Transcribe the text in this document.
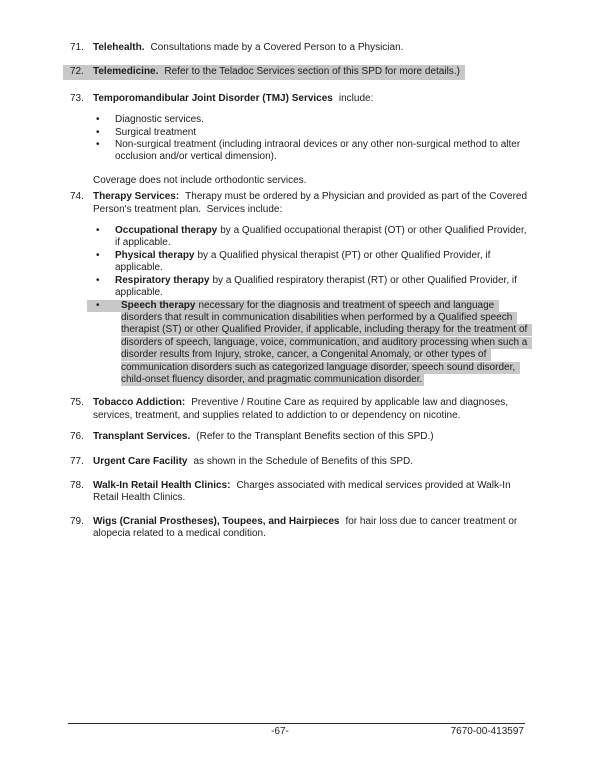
71. Telehealth. Consultations made by a Covered Person to a Physician.
72. Telemedicine. Refer to the Teladoc Services section of this SPD for more details.)
73. Temporomandibular Joint Disorder (TMJ) Services include:
•	Diagnostic services.
•	Surgical treatment
•	Non-surgical treatment (including intraoral devices or any other non-surgical method to alter occlusion and/or vertical dimension).
Coverage does not include orthodontic services.
74. Therapy Services: Therapy must be ordered by a Physician and provided as part of the Covered Person's treatment plan.  Services include:
•	Occupational therapy by a Qualified occupational therapist (OT) or other Qualified Provider, if applicable.
•	Physical therapy by a Qualified physical therapist (PT) or other Qualified Provider, if applicable.
•	Respiratory therapy by a Qualified respiratory therapist (RT) or other Qualified Provider, if applicable.
•	Speech therapy necessary for the diagnosis and treatment of speech and language disorders that result in communication disabilities when performed by a Qualified speech therapist (ST) or other Qualified Provider, if applicable, including therapy for the treatment of disorders of speech, language, voice, communication, and auditory processing when such a disorder results from Injury, stroke, cancer, a Congenital Anomaly, or other types of communication disorders such as categorized language disorder, speech sound disorder, child-onset fluency disorder, and pragmatic communication disorder.
75. Tobacco Addiction: Preventive / Routine Care as required by applicable law and diagnoses, services, treatment, and supplies related to addiction to or dependency on nicotine.
76. Transplant Services. (Refer to the Transplant Benefits section of this SPD.)
77. Urgent Care Facility as shown in the Schedule of Benefits of this SPD.
78. Walk-In Retail Health Clinics: Charges associated with medical services provided at Walk-In Retail Health Clinics.
79. Wigs (Cranial Prostheses), Toupees, and Hairpieces for hair loss due to cancer treatment or alopecia related to a medical condition.
-67-	7670-00-413597
